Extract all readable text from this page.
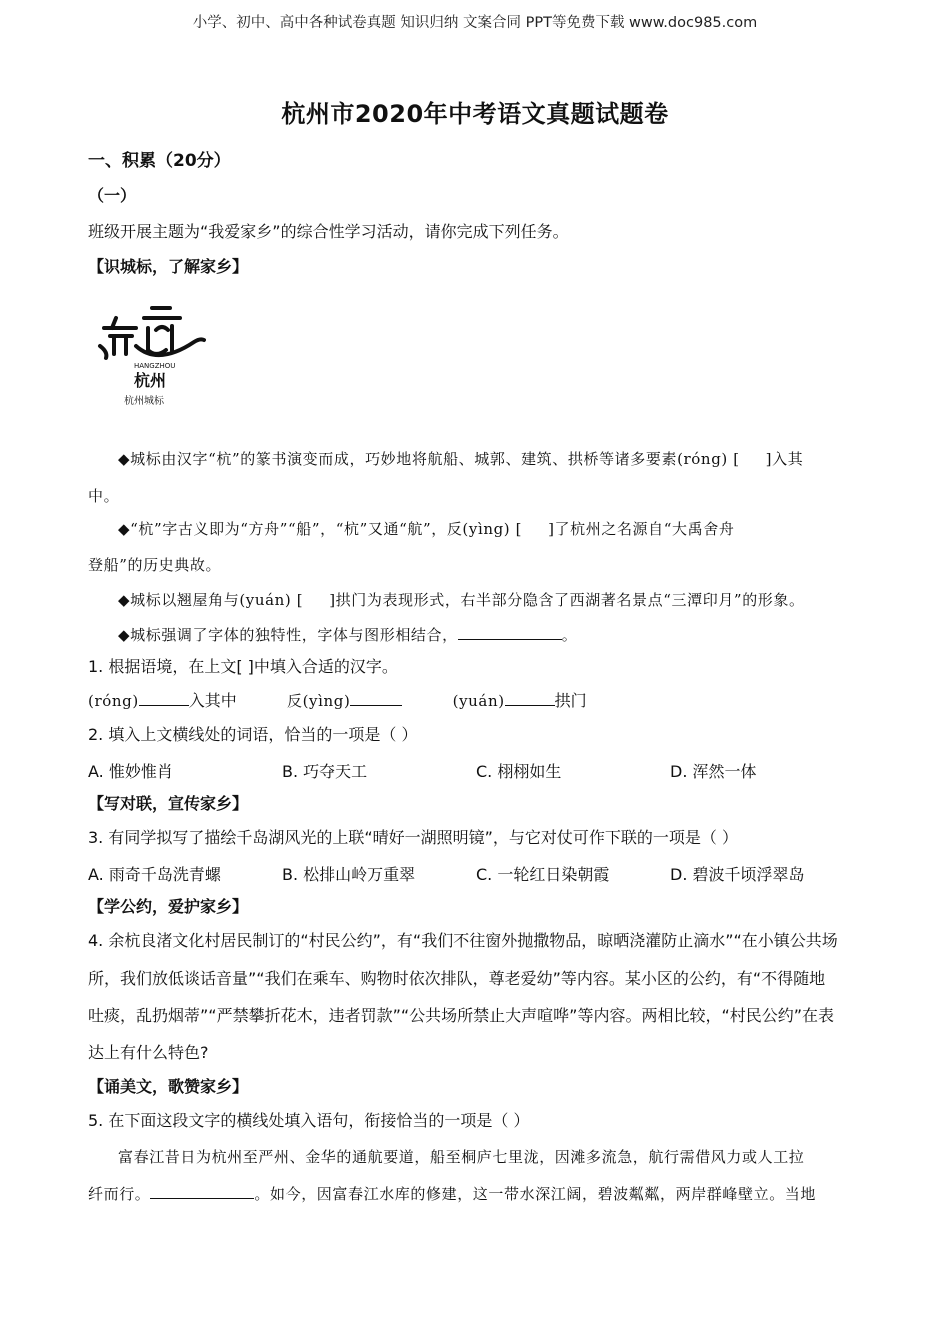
小学、初中、高中各种试卷真题 知识归纳 文案合同 PPT等免费下载 www.doc985.com
杭州市2020年中考语文真题试题卷
一、积累（20分）
（一）
班级开展主题为“我爱家乡”的综合性学习活动，请你完成下列任务。
【识城标，了解家乡】
HANGZHOU
杭州
杭州城标
◆城标由汉字“杭”的篆书演变而成，巧妙地将航船、城郭、建筑、拱桥等诸多要素(róng) [ ]入其
中。
◆“杭”字古义即为“方舟”“船”，“杭”又通“航”，反(yìng) [ ]了杭州之名源自“大禹舍舟
登船”的历史典故。
◆城标以翘屋角与(yuán) [ ]拱门为表现形式，右半部分隐含了西湖著名景点“三潭印月”的形象。
◆城标强调了字体的独特性，字体与图形相结合，	。
1. 根据语境，在上文[ ]中填入合适的汉字。
(róng)	入其中	反(yìng)	(yuán)	拱门
2. 填入上文横线处的词语，恰当的一项是（ ）
A. 惟妙惟肖	B. 巧夺天工	C. 栩栩如生	D. 浑然一体
【写对联，宣传家乡】
3. 有同学拟写了描绘千岛湖风光的上联“晴好一湖照明镜”，与它对仗可作下联的一项是（ ）
A. 雨奇千岛洗青螺	B. 松排山岭万重翠	C. 一轮红日染朝霞	D. 碧波千顷浮翠岛
【学公约，爱护家乡】
4. 余杭良渚文化村居民制订的“村民公约”，有“我们不往窗外抛撒物品，晾晒浇灌防止滴水”“在小镇公共场
所，我们放低谈话音量”“我们在乘车、购物时依次排队，尊老爱幼”等内容。某小区的公约，有“不得随地
吐痰，乱扔烟蒂”“严禁攀折花木，违者罚款”“公共场所禁止大声喧哗”等内容。两相比较，“村民公约”在表
达上有什么特色?
【诵美文，歌赞家乡】
5. 在下面这段文字的横线处填入语句，衔接恰当的一项是（ ）
富春江昔日为杭州至严州、金华的通航要道，船至桐庐七里泷，因滩多流急，航行需借风力或人工拉
纤而行。	。如今，因富春江水库的修建，这一带水深江阔，碧波粼粼，两岸群峰壁立。当地
